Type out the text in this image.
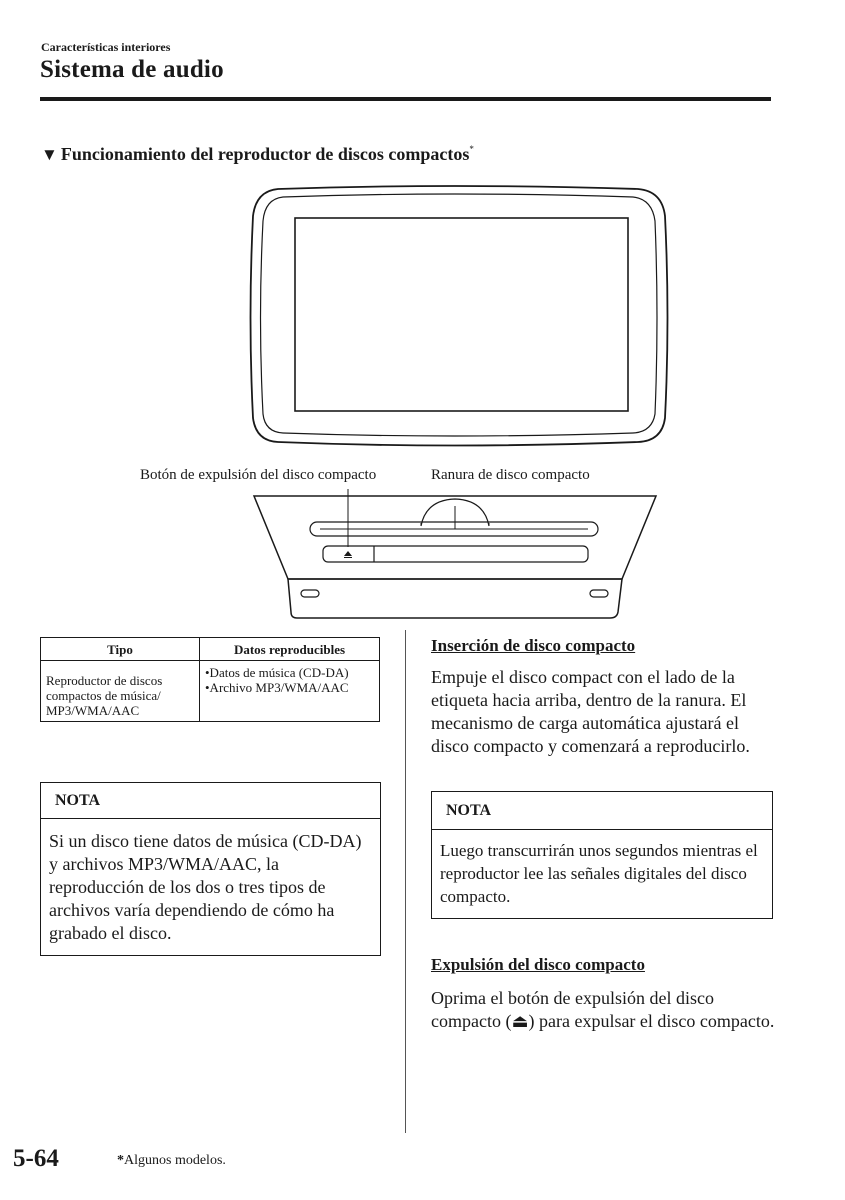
Características interiores
Sistema de audio
▼ Funcionamiento del reproductor de discos compactos*
Botón de expulsión del disco compacto	Ranura de disco compacto
Tipo	Datos reproducibles
Reproductor de discos compactos de música/ MP3/WMA/AAC	•Datos de música (CD-DA)
•Archivo MP3/WMA/AAC
NOTA
Si un disco tiene datos de música (CD-DA) y archivos MP3/WMA/AAC, la reproducción de los dos o tres tipos de archivos varía dependiendo de cómo ha grabado el disco.
Inserción de disco compacto
Empuje el disco compact con el lado de la etiqueta hacia arriba, dentro de la ranura. El mecanismo de carga automática ajustará el disco compacto y comenzará a reproducirlo.
NOTA
Luego transcurrirán unos segundos mientras el reproductor lee las señales digitales del disco compacto.
Expulsión del disco compacto
Oprima el botón de expulsión del disco compacto (⏏) para expulsar el disco compacto.
5-64	*Algunos modelos.
